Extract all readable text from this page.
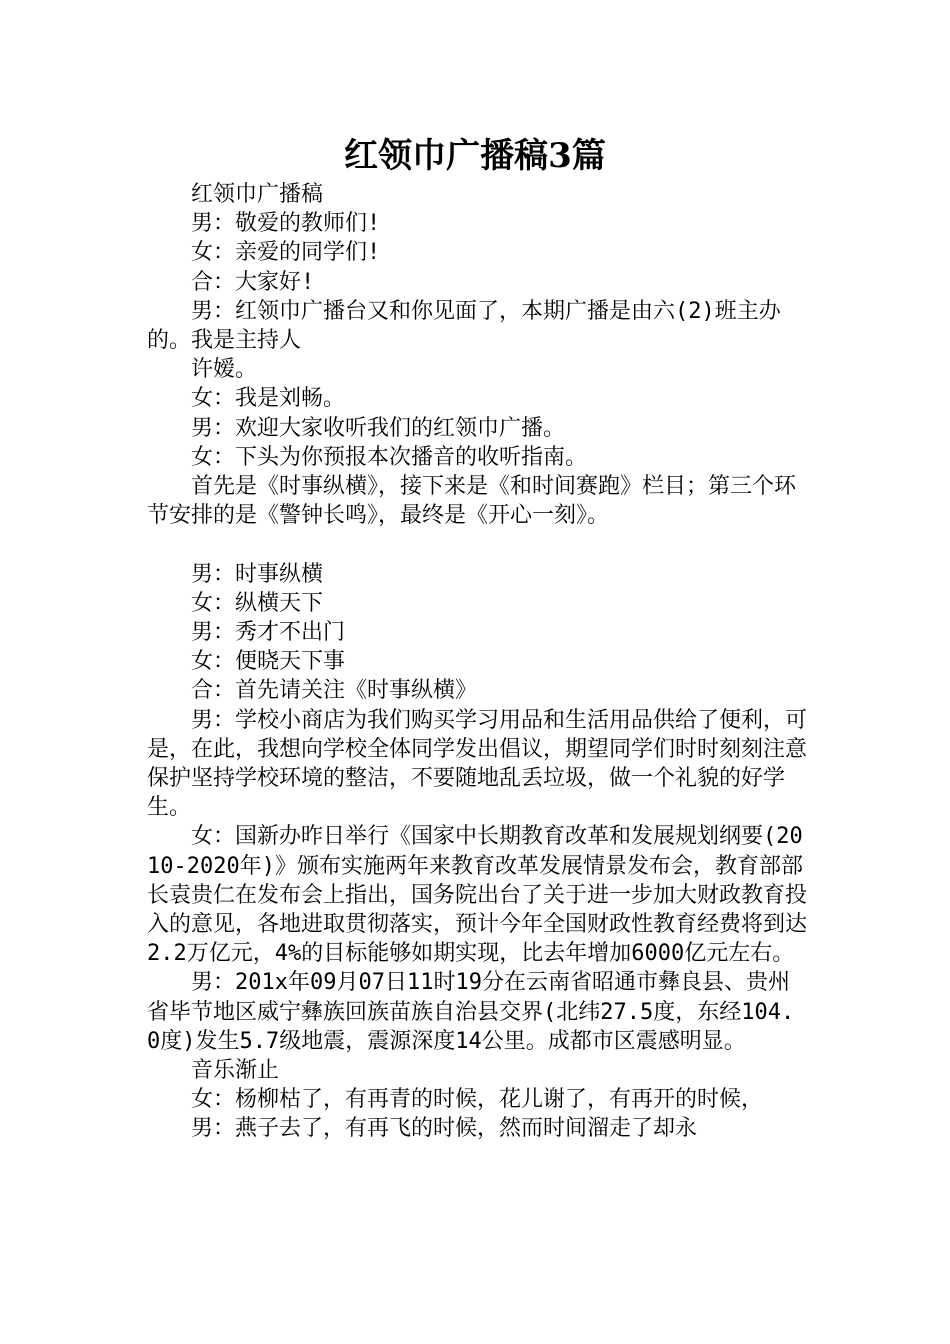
红领巾广播稿3篇

红领巾广播稿

男：敬爱的教师们!

女：亲爱的同学们!

合：大家好!

男：红领巾广播台又和你见面了，本期广播是由六(2)班主办的。我是主持人

许嫒。

女：我是刘畅。

男：欢迎大家收听我们的红领巾广播。

女：下头为你预报本次播音的收听指南。

首先是《时事纵横》，接下来是《和时间赛跑》栏目；第三个环节安排的是《警钟长鸣》，最终是《开心一刻》。

男：时事纵横

女：纵横天下

男：秀才不出门

女：便晓天下事

合：首先请关注《时事纵横》

男：学校小商店为我们购买学习用品和生活用品供给了便利，可是，在此，我想向学校全体同学发出倡议，期望同学们时时刻刻注意保护坚持学校环境的整洁，不要随地乱丢垃圾，做一个礼貌的好学生。

女：国新办昨日举行《国家中长期教育改革和发展规划纲要(2010-2020年)》颁布实施两年来教育改革发展情景发布会，教育部部长袁贵仁在发布会上指出，国务院出台了关于进一步加大财政教育投入的意见，各地进取贯彻落实，预计今年全国财政性教育经费将到达2.2万亿元，4%的目标能够如期实现，比去年增加6000亿元左右。

男：201x年09月07日11时19分在云南省昭通市彝良县、贵州省毕节地区威宁彝族回族苗族自治县交界(北纬27.5度，东经104.0度)发生5.7级地震，震源深度14公里。成都市区震感明显。

音乐渐止

女：杨柳枯了，有再青的时候，花儿谢了，有再开的时候，

男：燕子去了，有再飞的时候，然而时间溜走了却永
